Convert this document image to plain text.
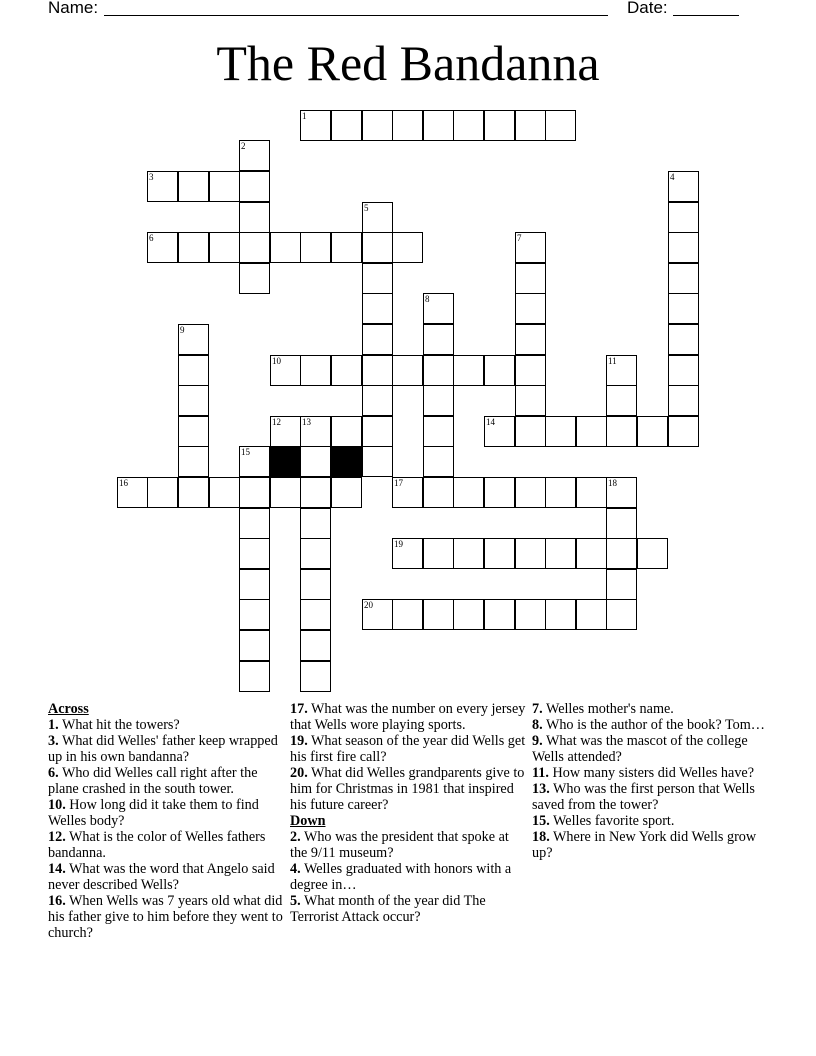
Name:	Date:
The Red Bandanna
1
2
3	4
5
6	7
8
9
10	11
12 13	14
15
16	17	18
19
20
Across
1. What hit the towers?
3. What did Welles' father keep wrapped up in his own bandanna?
6. Who did Welles call right after the plane crashed in the south tower.
10. How long did it take them to find Welles body?
12. What is the color of Welles fathers bandanna.
14. What was the word that Angelo said never described Wells?
16. When Wells was 7 years old what did his father give to him before they went to church?
17. What was the number on every jersey that Wells wore playing sports.
19. What season of the year did Wells get his first fire call?
20. What did Welles grandparents give to him for Christmas in 1981 that inspired his future career?
Down
2. Who was the president that spoke at the 9/11 museum?
4. Welles graduated with honors with a degree in…
5. What month of the year did The Terrorist Attack occur?
7. Welles mother's name.
8. Who is the author of the book? Tom…
9. What was the mascot of the college Wells attended?
11. How many sisters did Welles have?
13. Who was the first person that Wells saved from the tower?
15. Welles favorite sport.
18. Where in New York did Wells grow up?
